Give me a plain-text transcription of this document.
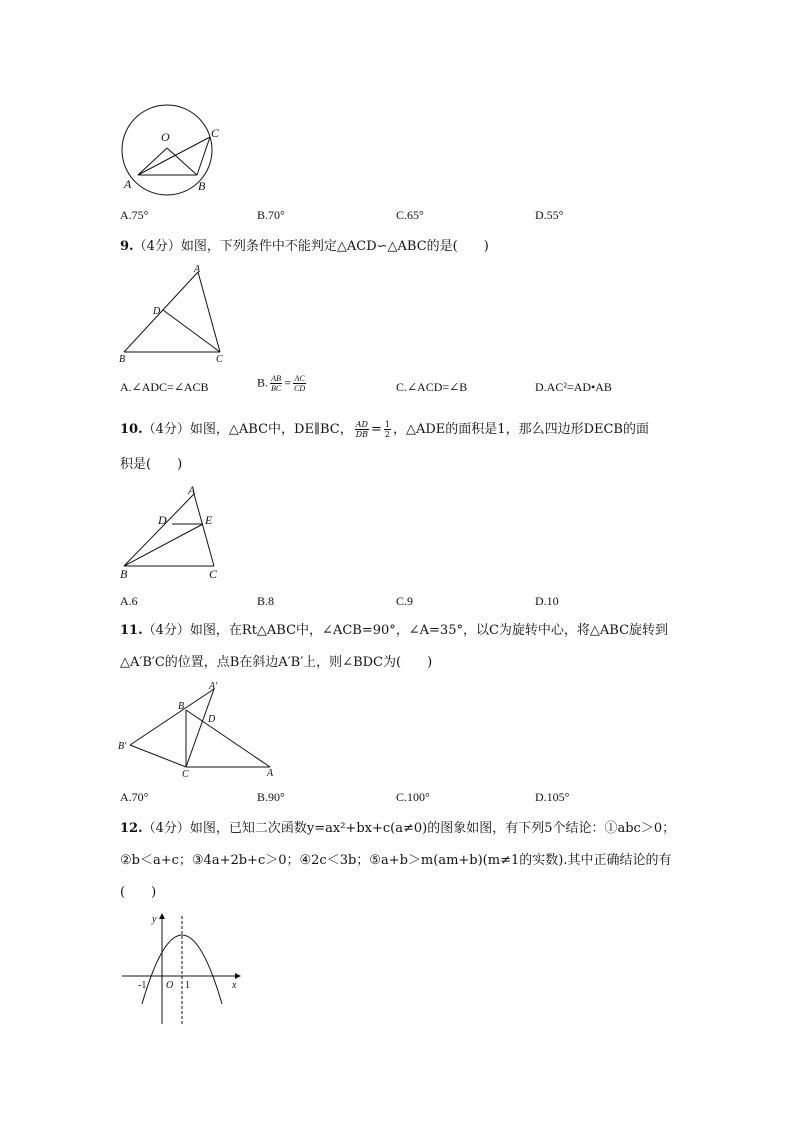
O
A	B
C
A.75°	B.70°	C.65°	D.55°
9.（4分）如图，下列条件中不能判定△ACD∽△ABC的是(　　)
A
D
B	C
A.∠ADC=∠ACB	B. $\frac{AB}{BC} = \frac{AC}{CD}$	C.∠ACD=∠B	D.AC²=AD•AB
10.（4分）如图，△ABC中，DE∥BC， $\frac{AD}{DB} = \frac{1}{2}$ ，△ADE的面积是1，那么四边形DECB的面
积是(　　)
A
D	E
B	C
A.6	B.8	C.9	D.10
11.（4分）如图，在Rt△ABC中，∠ACB=90°，∠A=35°，以C为旋转中心，将△ABC旋转到
△A′B′C的位置，点B在斜边A′B′上，则∠BDC为(　　)
A′
B
D
B′
C	A
A.70°	B.90°	C.100°	D.105°
12.（4分）如图，已知二次函数y=ax²+bx+c(a≠0)的图象如图，有下列5个结论：①abc＞0；
②b＜a+c；③4a+2b+c＞0；④2c＜3b；⑤a+b＞m(am+b)(m≠1的实数).其中正确结论的有
(　　)
y
x
O
-1	1
